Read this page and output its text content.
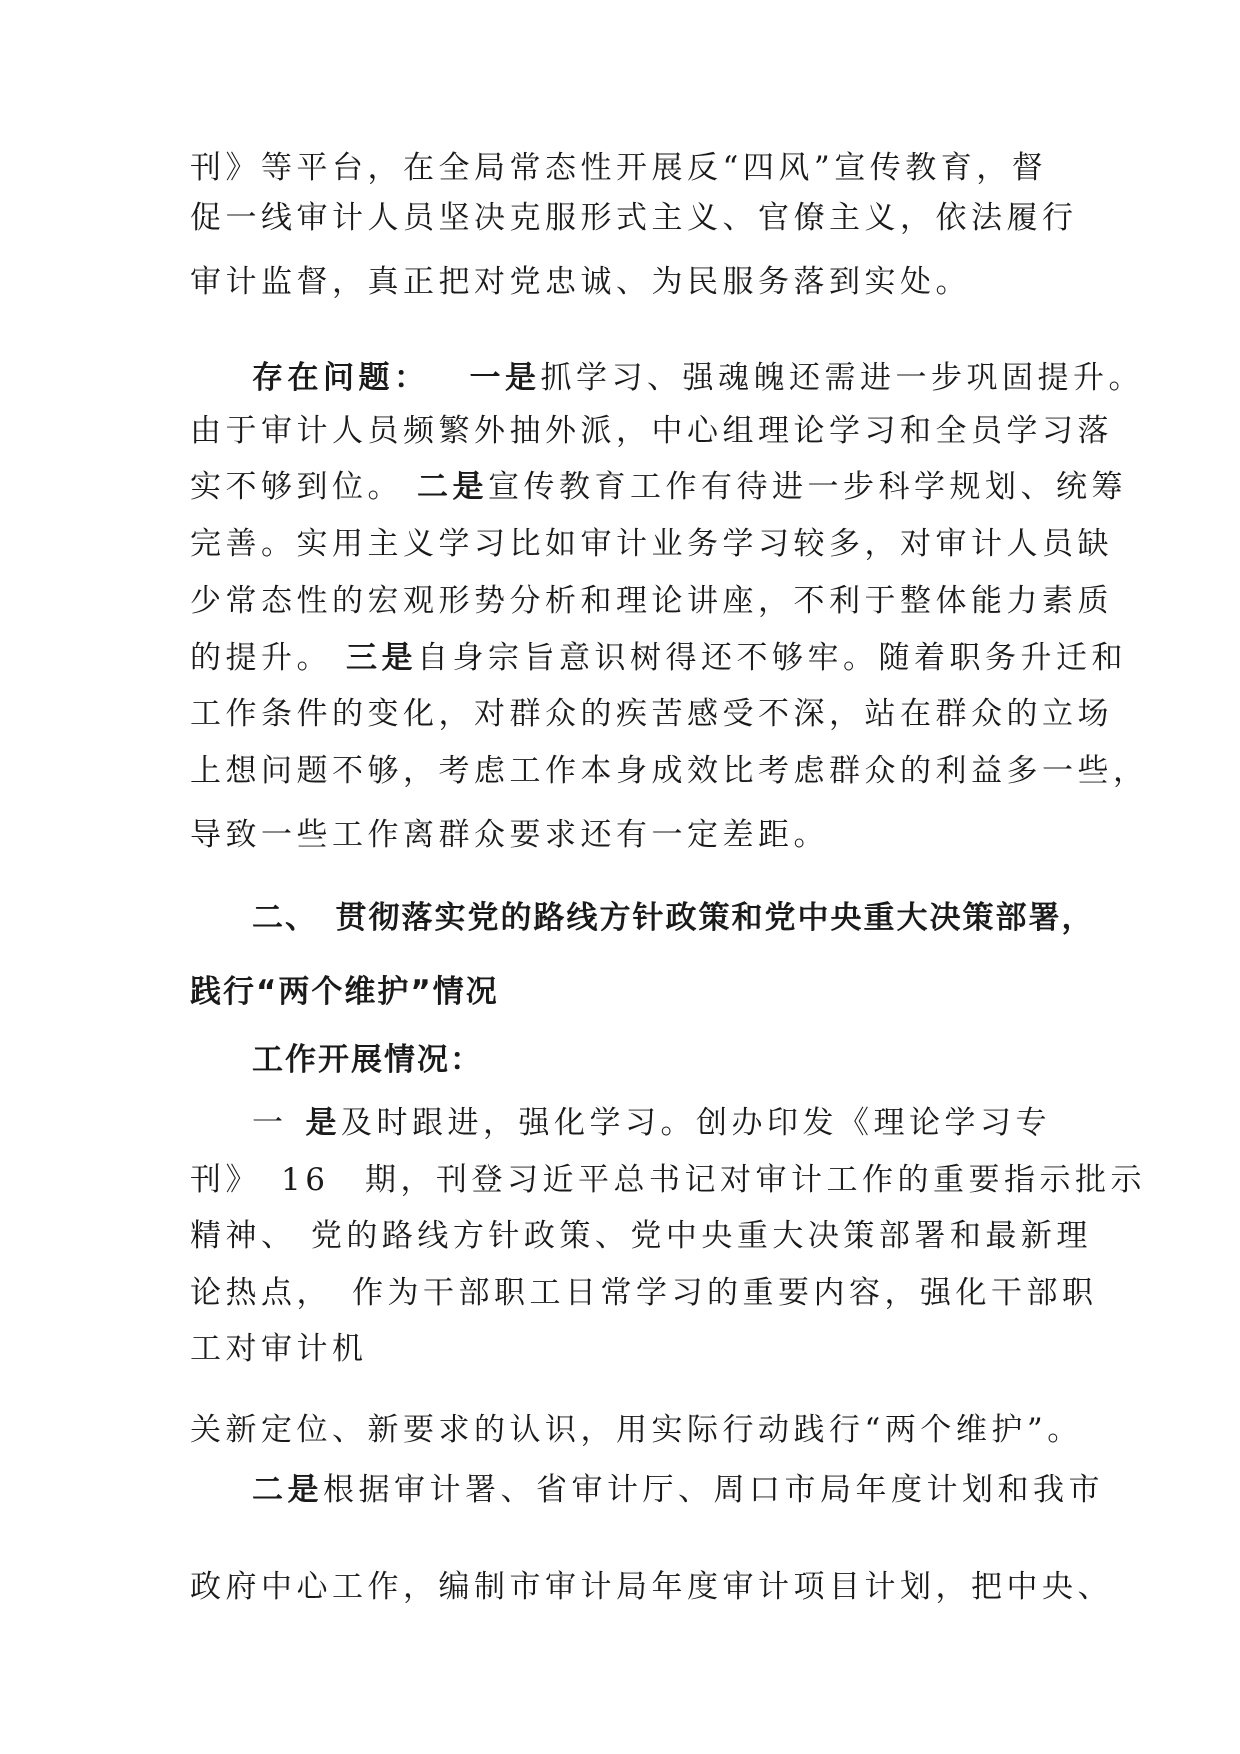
刊》等平台，在全局常态性开展反“四风”宣传教育，督
促一线审计人员坚决克服形式主义、官僚主义，依法履行
审计监督，真正把对党忠诚、为民服务落到实处。
存在问题： 一是抓学习、强魂魄还需进一步巩固提升。
由于审计人员频繁外抽外派，中心组理论学习和全员学习落
实不够到位。 二是宣传教育工作有待进一步科学规划、统筹
完善。实用主义学习比如审计业务学习较多，对审计人员缺
少常态性的宏观形势分析和理论讲座，不利于整体能力素质
的提升。 三是自身宗旨意识树得还不够牢。随着职务升迁和
工作条件的变化，对群众的疾苦感受不深，站在群众的立场
上想问题不够，考虑工作本身成效比考虑群众的利益多一些，
导致一些工作离群众要求还有一定差距。
二、　贯彻落实党的路线方针政策和党中央重大决策部署，
践行“两个维护”情况
工作开展情况：
一 是及时跟进，强化学习。创办印发《理论学习专
刊》　16　期，刊登习近平总书记对审计工作的重要指示批示
精神、 党的路线方针政策、党中央重大决策部署和最新理
论热点，　作为干部职工日常学习的重要内容，强化干部职
工对审计机
关新定位、新要求的认识，用实际行动践行“两个维护”。
二是根据审计署、省审计厅、周口市局年度计划和我市
政府中心工作，编制市审计局年度审计项目计划，把中央、
